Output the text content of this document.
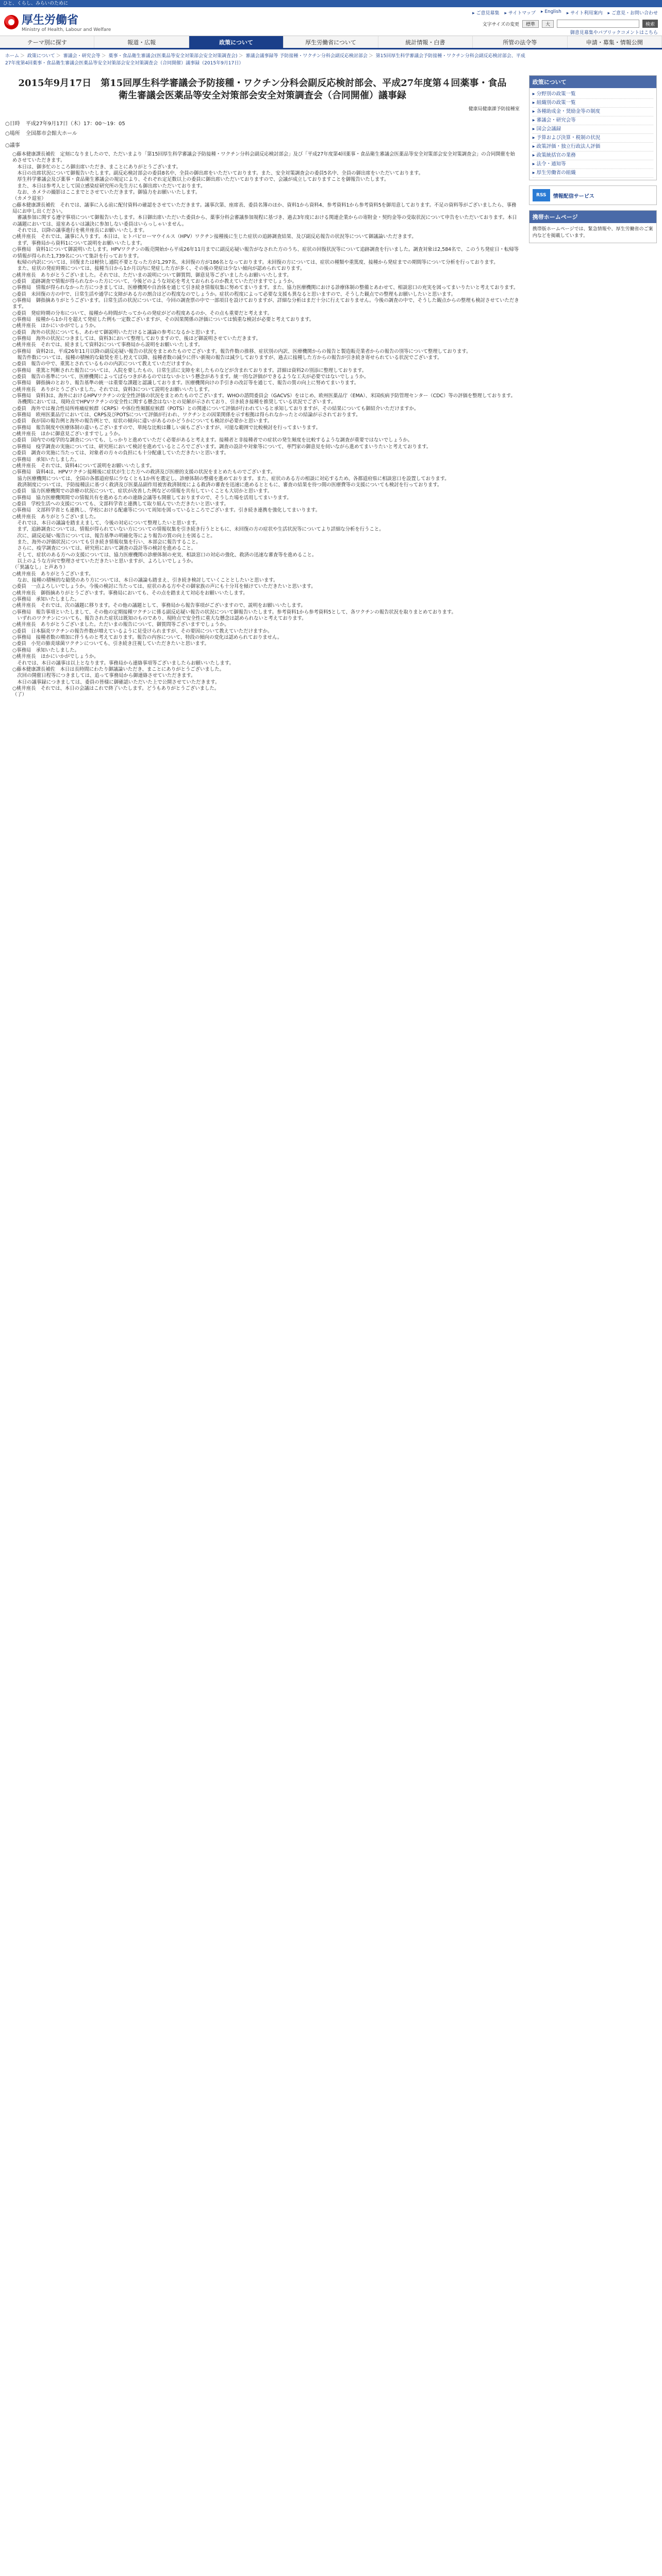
ひと、くらし、みらいのために
厚生労働省
Ministry of Health, Labour and Welfare
▸ ご意見募集	▸ サイトマップ	▸ English	▸ サイト利用案内	▸ ご意見・お問い合わせ
文字サイズの変更	標準	大	検索
御意見募集やパブリックコメントはこちら
テーマ別に探す	報道・広報	政策について	厚生労働省について	統計情報・白書	所管の法令等	申請・募集・情報公開
ホーム ＞ 政策について ＞ 審議会・研究会等 ＞ 薬事・食品衛生審議会(医薬品等安全対策部会安全対策調査会) ＞ 審議会議事録等 予防接種・ワクチン分科会副反応検討部会 ＞ 第15回厚生科学審議会予防接種・ワクチン分科会副反応検討部会、平成27年度第4回薬事・食品衛生審議会医薬品等安全対策部会安全対策調査会（合同開催）議事録（2015年9月17日）
2015年9月17日　第15回厚生科学審議会予防接種・ワクチン分科会副反応検討部会、平成27年度第４回薬事・食品衛生審議会医薬品等安全対策部会安全対策調査会（合同開催）議事録
健康局健康課予防接種室
○日時	平成27年9月17日（木）17：00～19：05
○場所	全国都市会館大ホール
○議事
○藤本健康課長補佐　定刻になりましたので、ただいまより「第15回厚生科学審議会予防接種・ワクチン分科会副反応検討部会」及び「平成27年度第4回薬事・食品衛生審議会医薬品等安全対策部会安全対策調査会」の合同開催を始めさせていただきます。
　本日は、御多忙のところ御出席いただき、まことにありがとうございます。
　本日の出席状況について御報告いたします。副反応検討部会の委員8名中、全員の御出席をいただいております。また、安全対策調査会の委員5名中、全員の御出席をいただいております。
　厚生科学審議会及び薬事・食品衛生審議会の規定により、それぞれ定足数以上の委員に御出席いただいておりますので、会議が成立しておりますことを御報告いたします。
　また、本日は参考人として国立感染症研究所の先生方にも御出席いただいております。
　なお、カメラの撮影はここまでとさせていただきます。御協力をお願いいたします。
（カメラ退室）
○藤本健康課長補佐　それでは、議事に入る前に配付資料の確認をさせていただきます。議事次第、座席表、委員名簿のほか、資料1から資料4、参考資料1から参考資料5を御用意しております。不足の資料等がございましたら、事務局にお申し出ください。
　審議参加に関する遵守事項について御報告いたします。本日御出席いただいた委員から、薬事分科会審議参加規程に基づき、過去3年度における関連企業からの寄附金・契約金等の受取状況について申告をいただいております。本日の議題においては、退室あるいは議決に参加しない委員はいらっしゃいません。
　それでは、以降の議事進行を桃井座長にお願いいたします。
○桃井座長　それでは、議事に入ります。本日は、ヒトパピローマウイルス（HPV）ワクチン接種後に生じた症状の追跡調査結果、及び副反応報告の状況等について御議論いただきます。
　まず、事務局から資料1について説明をお願いいたします。
○事務局　資料1について御説明いたします。HPVワクチンの販売開始から平成26年11月までに副反応疑い報告がなされた方のうち、症状の回復状況等について追跡調査を行いました。調査対象は2,584名で、このうち発症日・転帰等の情報が得られた1,739名について集計を行っております。
　転帰の内訳については、回復または軽快し通院不要となった方が1,297名、未回復の方が186名となっております。未回復の方については、症状の種類や重篤度、接種から発症までの期間等について分析を行っております。
　また、症状の発症時期については、接種当日から1か月以内に発症した方が多く、その後の発症は少ない傾向が認められております。
○桃井座長　ありがとうございました。それでは、ただいまの説明について御質問、御意見等ございましたらお願いいたします。
○委員　追跡調査で情報が得られなかった方について、今後どのような対応を考えておられるのか教えていただけますでしょうか。
○事務局　情報が得られなかった方につきましては、医療機関や自治体を通じて引き続き情報収集に努めてまいります。また、協力医療機関における診療体制の整備とあわせて、相談窓口の充実を図ってまいりたいと考えております。
○委員　未回復の方の中で、日常生活や通学に支障がある方の割合はどの程度なのでしょうか。症状の程度によって必要な支援も異なると思いますので、そうした観点での整理もお願いしたいと思います。
○事務局　御指摘ありがとうございます。日常生活の状況については、今回の調査票の中で一部項目を設けておりますが、詳細な分析はまだ十分に行えておりません。今後の調査の中で、そうした観点からの整理も検討させていただきます。
○委員　発症時期の分布について、接種から時間がたってからの発症がどの程度あるのか、その点も重要だと考えます。
○事務局　接種から1か月を超えて発症した例も一定数ございますが、その因果関係の評価については慎重な検討が必要と考えております。
○桃井座長　ほかにいかがでしょうか。
○委員　海外の状況についても、あわせて御説明いただけると議論の参考になるかと思います。
○事務局　海外の状況につきましては、資料3において整理しておりますので、後ほど御説明させていただきます。
○桃井座長　それでは、続きまして資料2について事務局から説明をお願いいたします。
○事務局　資料2は、平成26年11月以降の副反応疑い報告の状況をまとめたものでございます。報告件数の推移、症状別の内訳、医療機関からの報告と製造販売業者からの報告の別等について整理しております。
　報告件数については、接種の積極的な勧奨を差し控えて以降、接種者数の減少に伴い新規の報告は減少しておりますが、過去に接種した方からの報告が引き続き寄せられている状況でございます。
○委員　報告の中で、重篤とされているものの内訳について教えていただけますか。
○事務局　重篤と判断された報告については、入院を要したもの、日常生活に支障を来したものなどが含まれております。詳細は資料2の別添に整理しております。
○委員　報告の基準について、医療機関によってばらつきがあるのではないかという懸念があります。統一的な評価ができるような工夫が必要ではないでしょうか。
○事務局　御指摘のとおり、報告基準の統一は重要な課題と認識しております。医療機関向けの手引きの改訂等を通じて、報告の質の向上に努めてまいります。
○桃井座長　ありがとうございました。それでは、資料3について説明をお願いいたします。
○事務局　資料3は、海外におけるHPVワクチンの安全性評価の状況をまとめたものでございます。WHOの諮問委員会（GACVS）をはじめ、欧州医薬品庁（EMA）、米国疾病予防管理センター（CDC）等の評価を整理しております。
　各機関においては、現時点でHPVワクチンの安全性に関する懸念はないとの見解が示されており、引き続き接種を推奨している状況でございます。
○委員　海外では複合性局所疼痛症候群（CRPS）や体位性頻脈症候群（POTS）との関連について評価が行われていると承知しておりますが、その結果についても御紹介いただけますか。
○事務局　欧州医薬品庁においては、CRPS及びPOTSについて評価が行われ、ワクチンとの因果関係を示す根拠は得られなかったとの結論が示されております。
○委員　我が国の報告例と海外の報告例とで、症状の傾向に違いがあるのかどうかについても検討が必要かと思います。
○事務局　報告制度や医療体制の違いもございますので、単純な比較は難しい面もございますが、可能な範囲で比較検討を行ってまいります。
○桃井座長　ほかに御意見ございますでしょうか。
○委員　国内での疫学的な調査についても、しっかりと進めていただく必要があると考えます。接種者と非接種者での症状の発生頻度を比較するような調査が重要ではないでしょうか。
○事務局　疫学調査の実施については、研究班において検討を進めているところでございます。調査の設計や対象等について、専門家の御意見を伺いながら進めてまいりたいと考えております。
○委員　調査の実施に当たっては、対象者の方々の負担にも十分配慮していただきたいと思います。
○事務局　承知いたしました。
○桃井座長　それでは、資料4について説明をお願いいたします。
○事務局　資料4は、HPVワクチン接種後に症状が生じた方への救済及び医療的支援の状況をまとめたものでございます。
　協力医療機関については、全国の各都道府県に少なくとも1か所を選定し、診療体制の整備を進めております。また、症状のある方の相談に対応するため、各都道府県に相談窓口を設置しております。
　救済制度については、予防接種法に基づく救済及び医薬品副作用被害救済制度による救済の審査を迅速に進めるとともに、審査の結果を待つ間の医療費等の支援についても検討を行っております。
○委員　協力医療機関での診療の状況について、症状が改善した例などの情報を共有していくことも大切かと思います。
○事務局　協力医療機関間での情報共有を進めるための連絡会議等も開催しておりますので、そうした場を活用してまいります。
○委員　学校生活への支援についても、文部科学省と連携して取り組んでいただきたいと思います。
○事務局　文部科学省とも連携し、学校における配慮等について周知を図っているところでございます。引き続き連携を強化してまいります。
○桃井座長　ありがとうございました。
　それでは、本日の議論を踏まえまして、今後の対応について整理したいと思います。
　まず、追跡調査については、情報が得られていない方についての情報収集を引き続き行うとともに、未回復の方の症状や生活状況等についてより詳細な分析を行うこと。
　次に、副反応疑い報告については、報告基準の明確化等により報告の質の向上を図ること。
　また、海外の評価状況についても引き続き情報収集を行い、本部会に報告すること。
　さらに、疫学調査については、研究班において調査の設計等の検討を進めること。
　そして、症状のある方への支援については、協力医療機関の診療体制の充実、相談窓口の対応の強化、救済の迅速な審査等を進めること。
　以上のような方向で整理させていただきたいと思いますが、よろしいでしょうか。
（「異議なし」と声あり）
○桃井座長　ありがとうございます。
　なお、接種の積極的な勧奨のあり方については、本日の議論も踏まえ、引き続き検討していくこととしたいと思います。
○委員　一点よろしいでしょうか。今後の検討に当たっては、症状のある方やその御家族の声にも十分耳を傾けていただきたいと思います。
○桃井座長　御指摘ありがとうございます。事務局においても、その点を踏まえて対応をお願いいたします。
○事務局　承知いたしました。
○桃井座長　それでは、次の議題に移ります。その他の議題として、事務局から報告事項がございますので、説明をお願いいたします。
○事務局　報告事項といたしまして、その他の定期接種ワクチンに係る副反応疑い報告の状況について御報告いたします。参考資料1から参考資料5として、各ワクチンの報告状況を取りまとめております。
　いずれのワクチンについても、報告された症状は既知のものであり、現時点で安全性に重大な懸念は認められないと考えております。
○桃井座長　ありがとうございました。ただいまの報告について、御質問等ございますでしょうか。
○委員　日本脳炎ワクチンの報告件数が増えているように見受けられますが、その要因について教えていただけますか。
○事務局　接種者数の増加に伴うものと考えております。報告の内容について、特段の傾向の変化は認められておりません。
○委員　小児の肺炎球菌ワクチンについても、引き続き注視していただきたいと思います。
○事務局　承知いたしました。
○桃井座長　ほかにいかがでしょうか。
　それでは、本日の議事は以上となります。事務局から連絡事項等ございましたらお願いいたします。
○藤本健康課長補佐　本日は長時間にわたり御議論いただき、まことにありがとうございました。
　次回の開催日程等につきましては、追って事務局から御連絡させていただきます。
　本日の議事録につきましては、委員の皆様に御確認いただいた上で公開させていただきます。
○桃井座長　それでは、本日の会議はこれで終了いたします。どうもありがとうございました。
（了）
政策について
▸ 分野別の政策一覧
▸ 組織別の政策一覧
▸ 各種助成金・奨励金等の制度
▸ 審議会・研究会等
▸ 国会会議録
▸ 予算および決算・税制の状況
▸ 政策評価・独立行政法人評価
▸ 政策統括官の業務
▸ 法令・通知等
▸ 厚生労働省の組織
RSS	情報配信サービス
携帯ホームページ

携帯版ホームページでは、緊急情報や、厚生労働省のご案内などを掲載しています。
